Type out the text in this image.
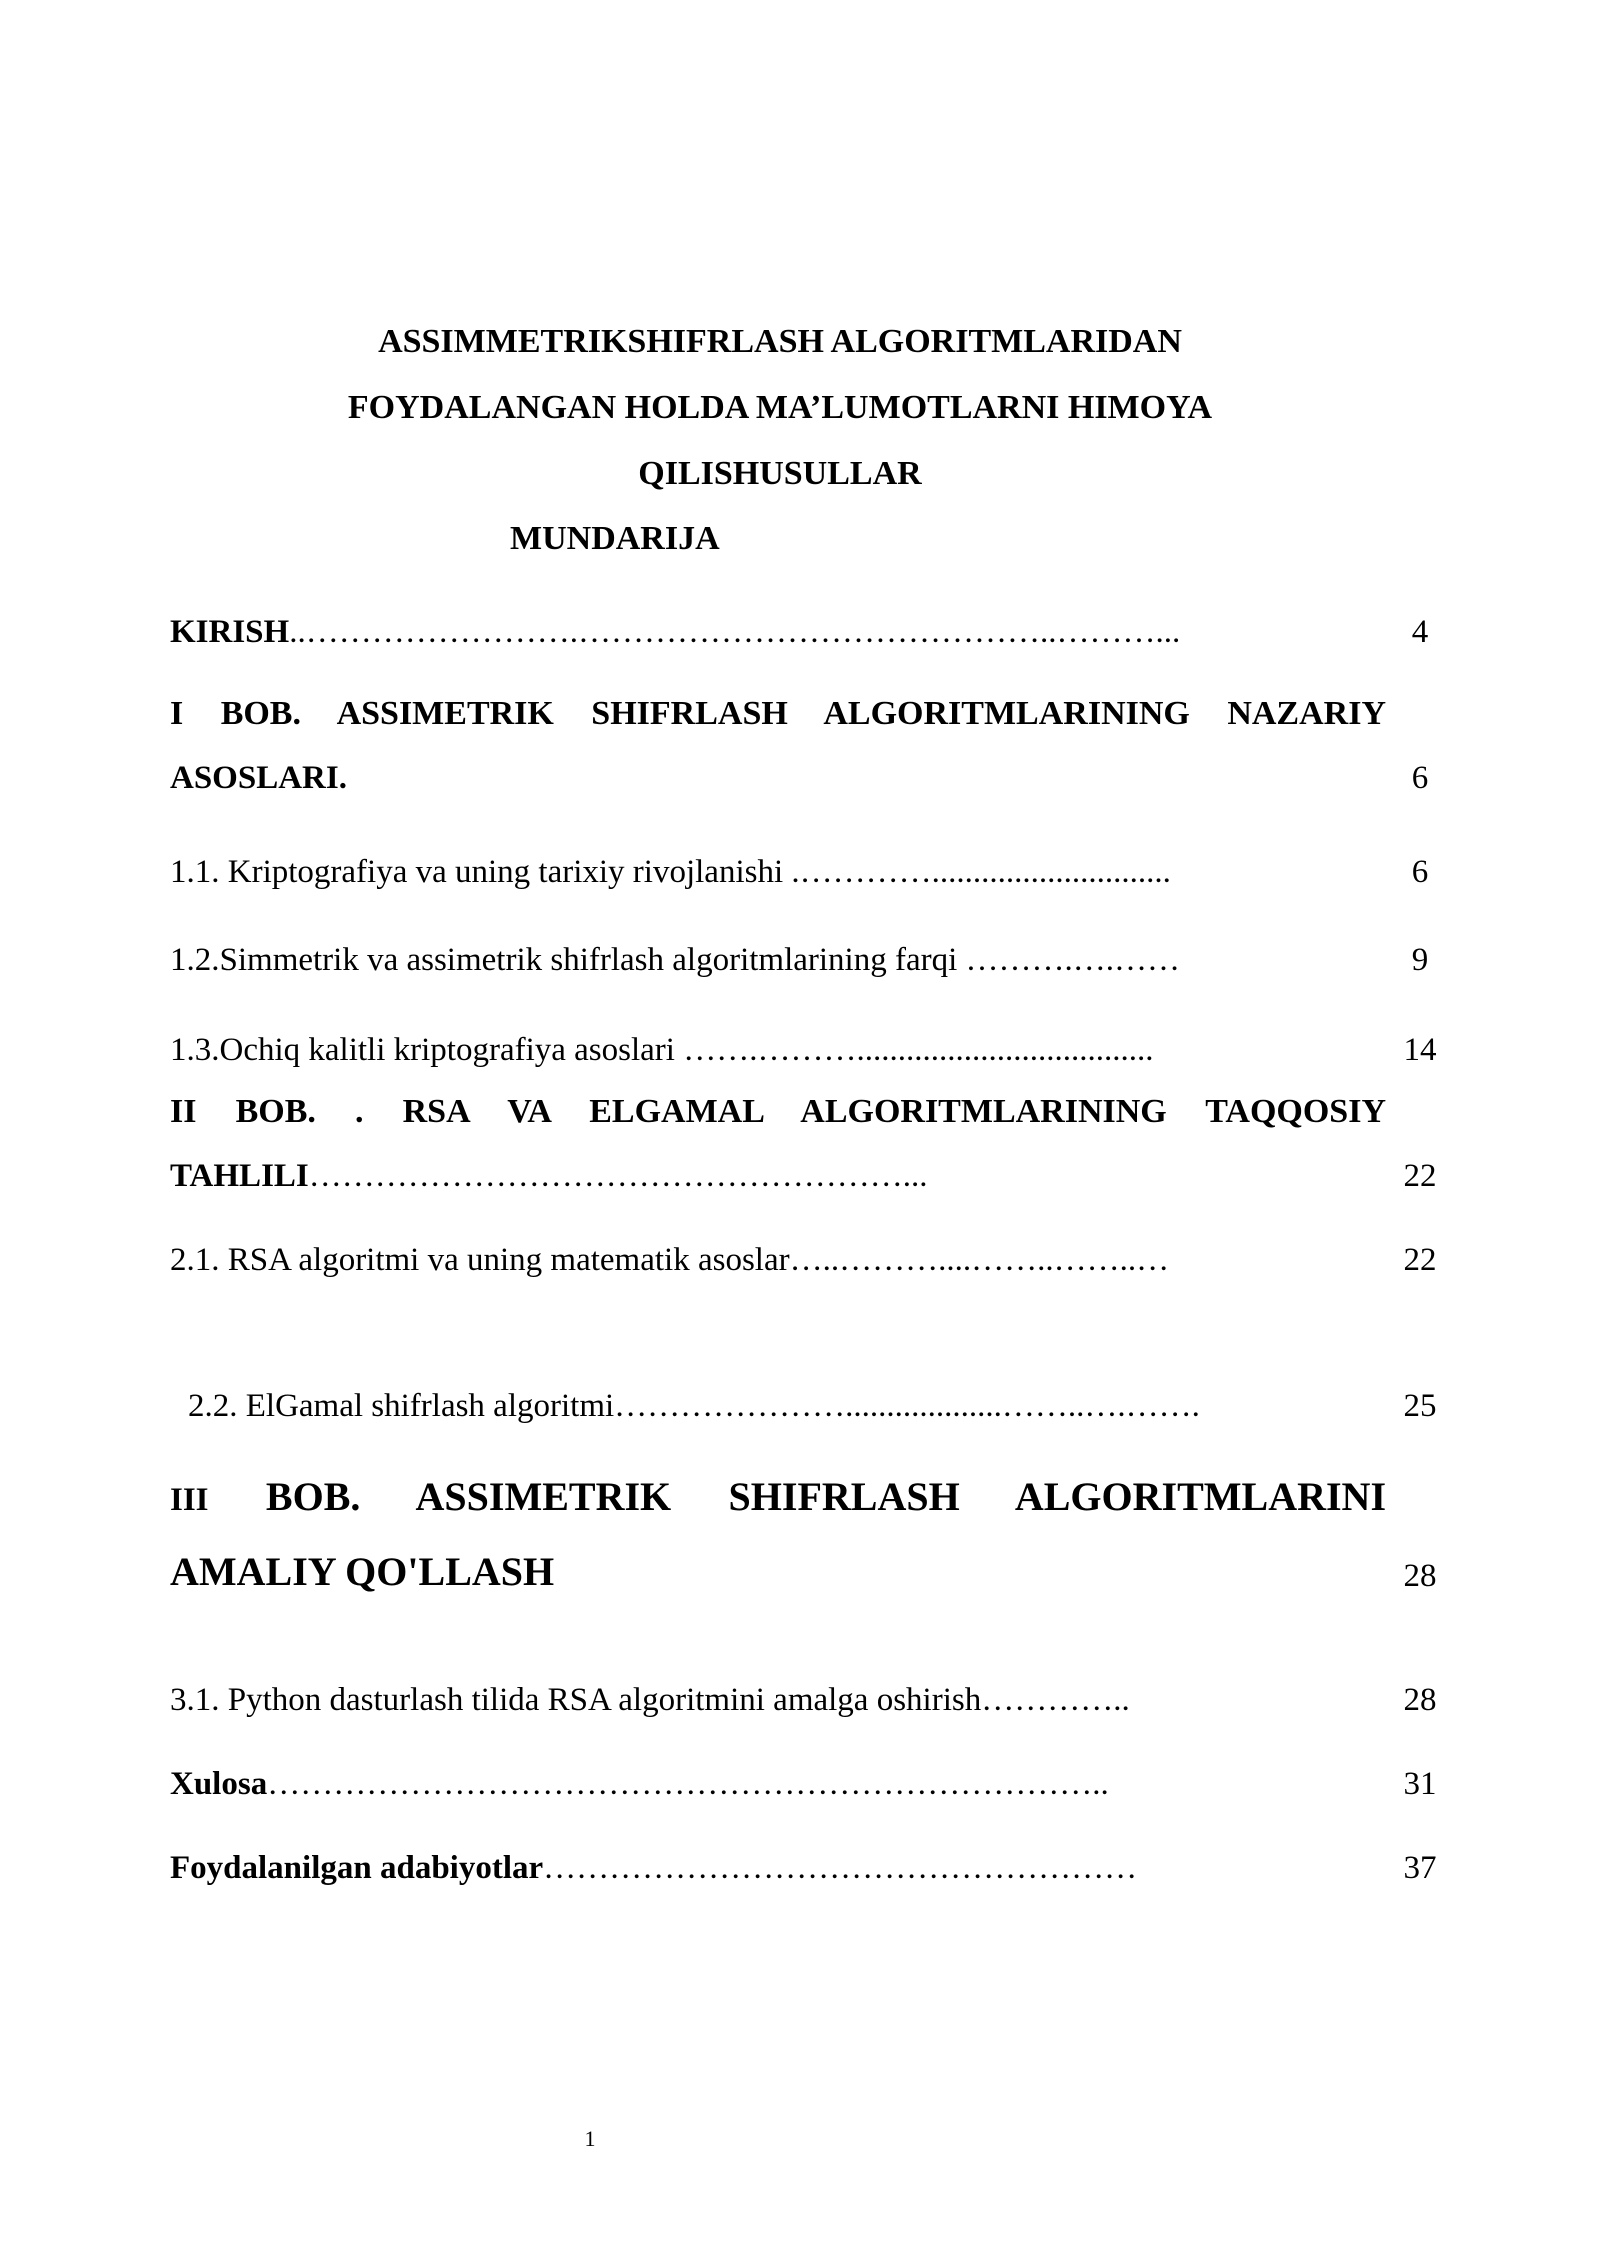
ASSIMMETRIKSHIFRLASH ALGORITMLARIDAN
FOYDALANGAN HOLDA MA’LUMOTLARNI HIMOYA
QILISHUSULLAR
MUNDARIJA
KIRISH..…………………….……………………………………..………...	4
I BOB. ASSIMETRIK SHIFRLASH ALGORITMLARINING NAZARIY
ASOSLARI.	6
1.1. Kriptografiya va uning tarixiy rivojlanishi .………….............................	6
1.2.Simmetrik va assimetrik shifrlash algoritmlarining farqi ……….….……	9
1.3.Ochiq kalitli kriptografiya asoslari …….………....................................	14
II BOB. . RSA VA ELGAMAL ALGORITMLARINING TAQQOSIY
TAHLILI………………………………………………...	22
2.1. RSA algoritmi va uning matematik asoslar…..………....……..……..…	22
2.2. ElGamal shifrlash algoritmi…………………...................……..….…….	25
III BOB. ASSIMETRIK SHIFRLASH ALGORITMLARINI
AMALIY QO'LLASH	28
3.1. Python dasturlash tilida RSA algoritmini amalga oshirish…………..	28
Xulosa…………………………………………………………………..	31
Foydalanilgan adabiyotlar………………………………………………	37
1
